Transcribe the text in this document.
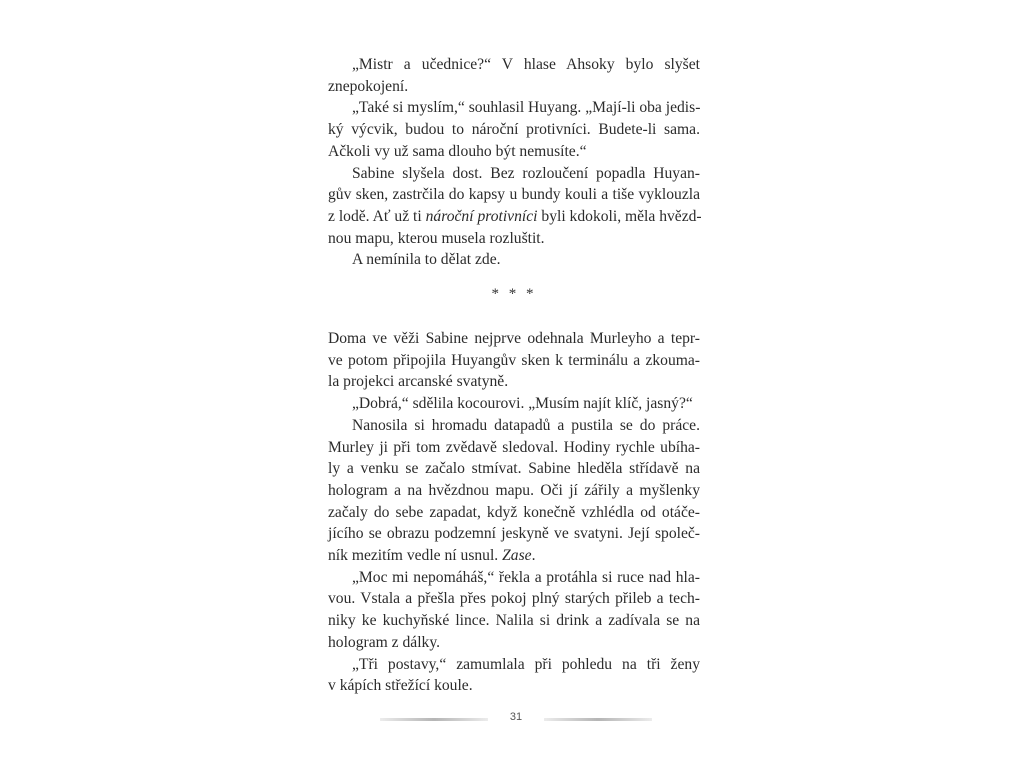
„Mistr a učednice?“ V hlase Ahsoky bylo slyšet
znepokojení.

„Také si myslím,“ souhlasil Huyang. „Mají-li oba jedis-
ký výcvik, budou to nároční protivníci. Budete-li sama.
Ačkoli vy už sama dlouho být nemusíte.“

Sabine slyšela dost. Bez rozloučení popadla Huyan-
gův sken, zastrčila do kapsy u bundy kouli a tiše vyklouzla
z lodě. Ať už ti nároční protivníci byli kdokoli, měla hvězd-
nou mapu, kterou musela rozluštit.

A nemínila to dělat zde.

* * *

Doma ve věži Sabine nejprve odehnala Murleyho a tepr-
ve potom připojila Huyangův sken k terminálu a zkouma-
la projekci arcanské svatyně.

„Dobrá,“ sdělila kocourovi. „Musím najít klíč, jasný?“

Nanosila si hromadu datapadů a pustila se do práce.
Murley ji při tom zvědavě sledoval. Hodiny rychle ubíha-
ly a venku se začalo stmívat. Sabine hleděla střídavě na
hologram a na hvězdnou mapu. Oči jí zářily a myšlenky
začaly do sebe zapadat, když konečně vzhlédla od otáče-
jícího se obrazu podzemní jeskyně ve svatyni. Její společ-
ník mezitím vedle ní usnul. Zase.

„Moc mi nepomáháš,“ řekla a protáhla si ruce nad hla-
vou. Vstala a přešla přes pokoj plný starých přileb a tech-
niky ke kuchyňské lince. Nalila si drink a zadívala se na
hologram z dálky.

„Tři postavy,“ zamumlala při pohledu na tři ženy
v kápích střežící koule.

31
